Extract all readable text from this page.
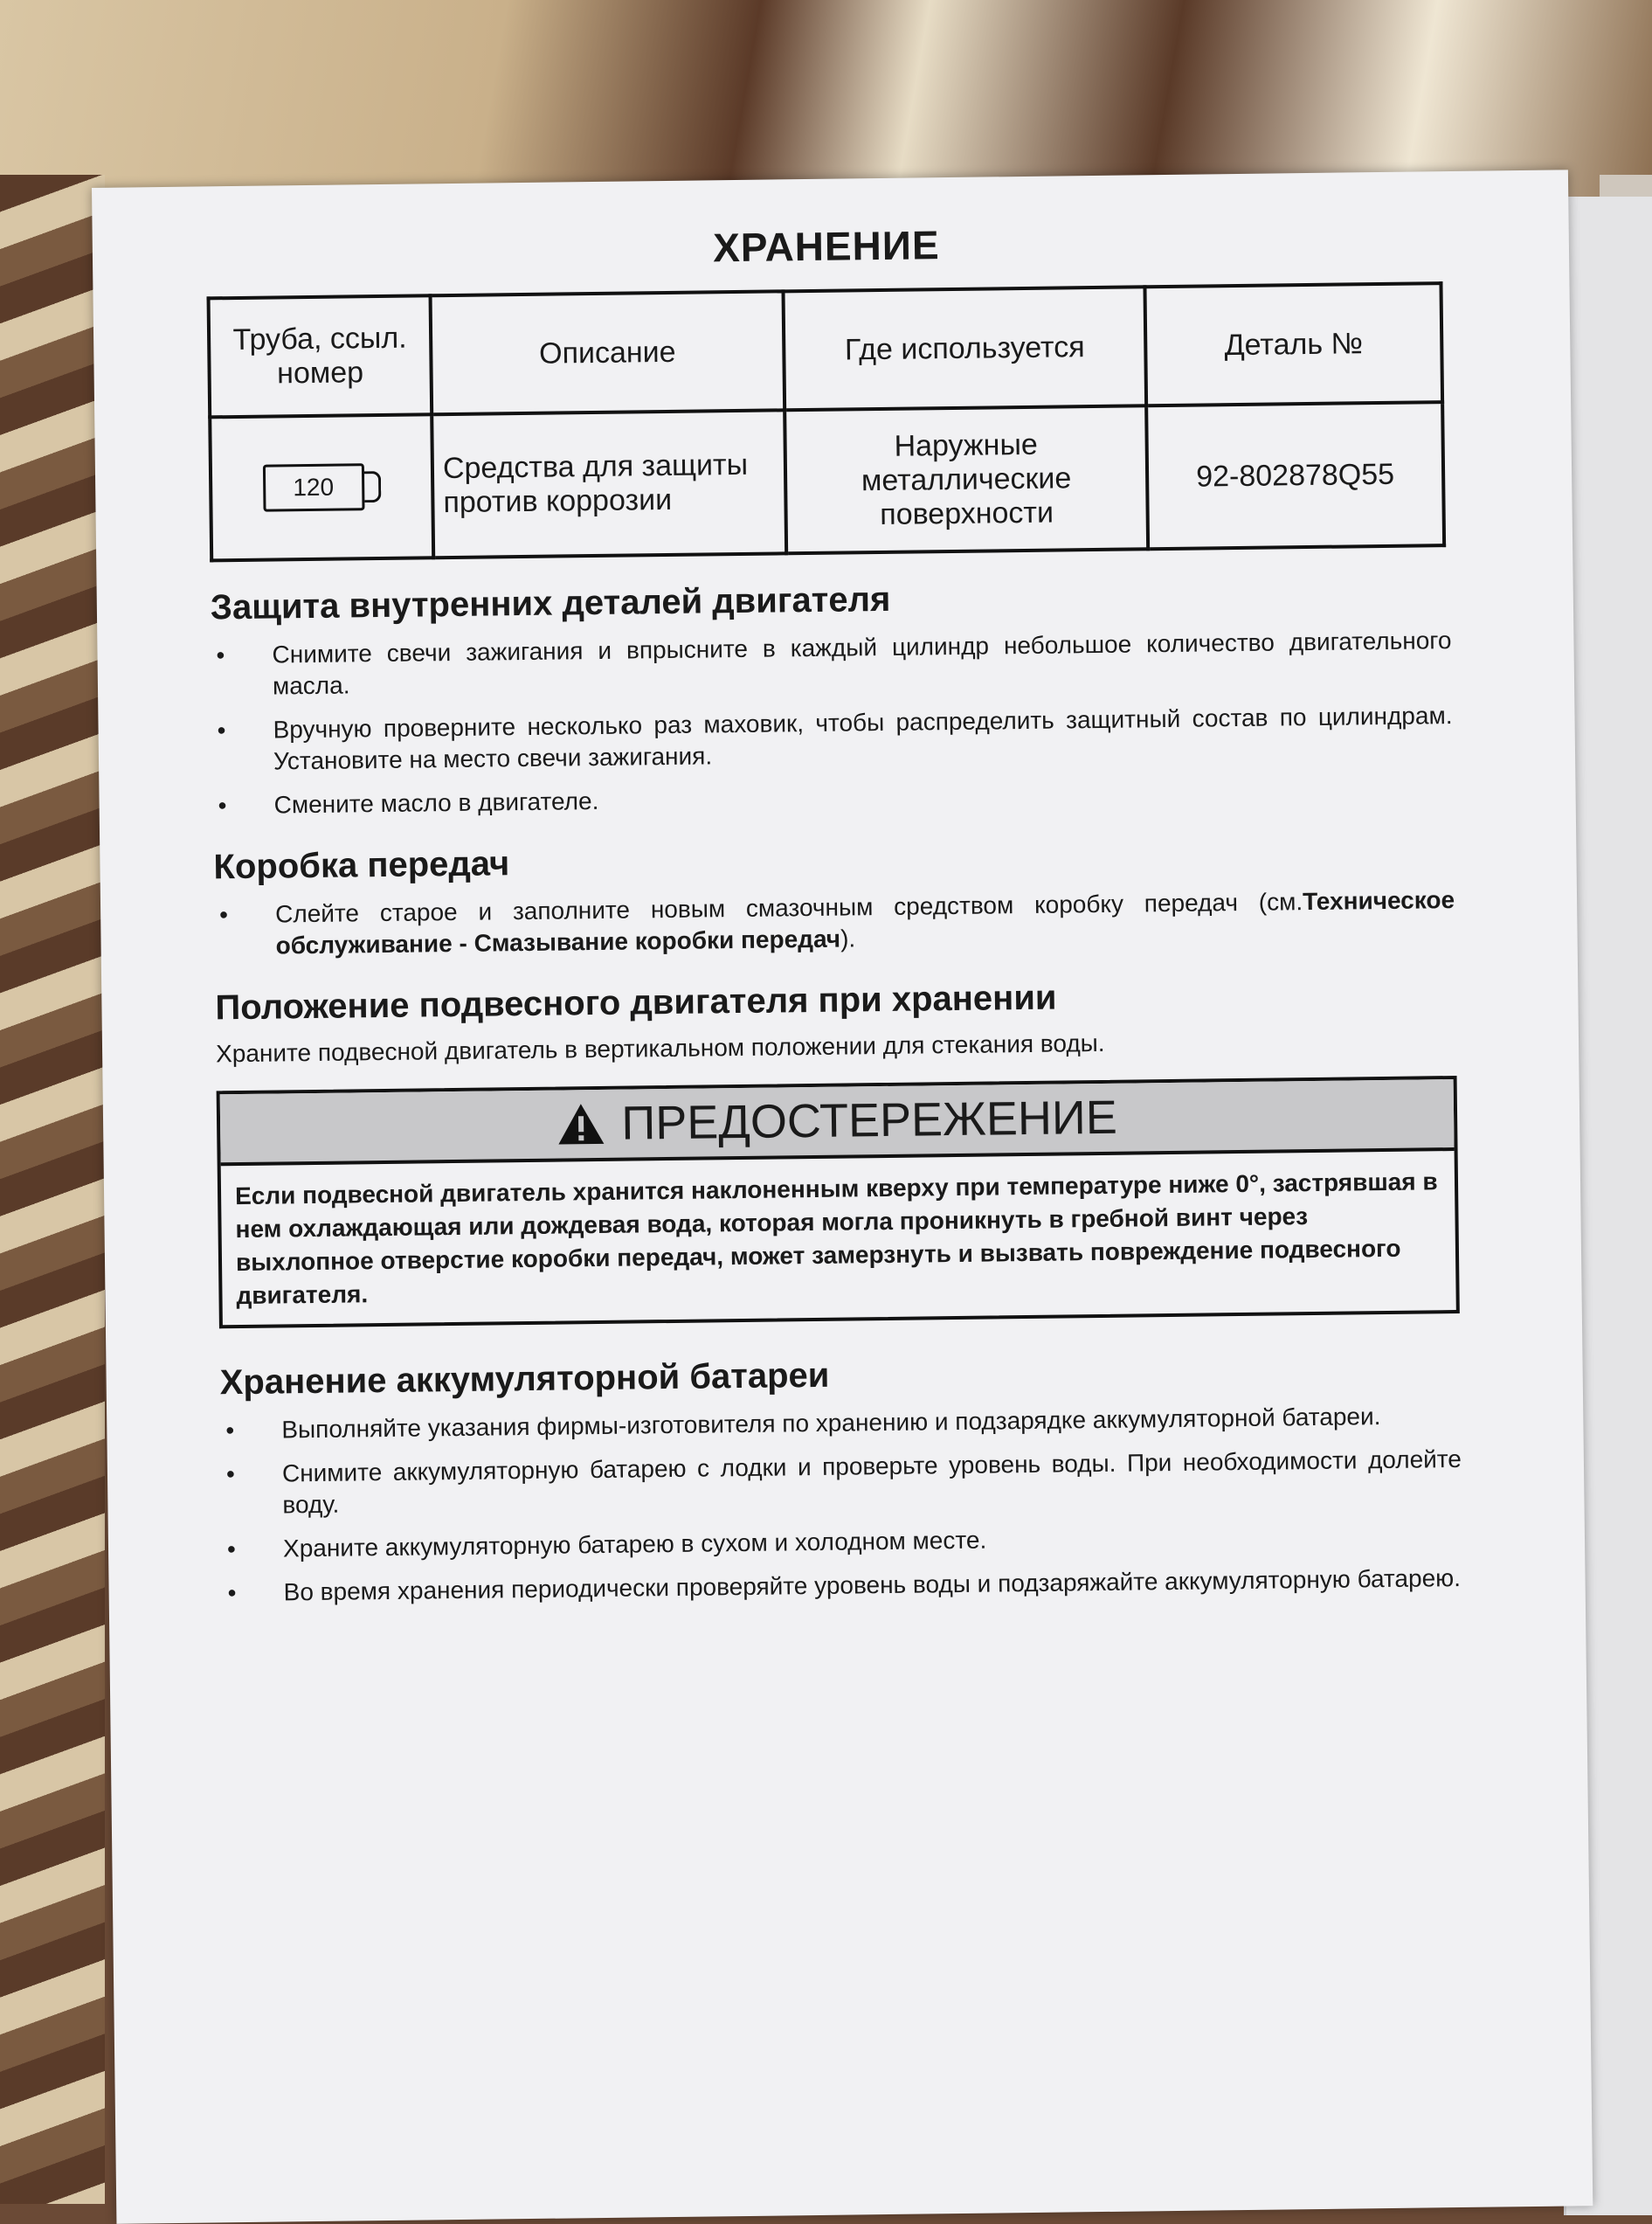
ХРАНЕНИЕ
Труба, ссыл. номер	Описание	Где используется	Деталь №

120	Средства для защиты против коррозии	Наружные металлические поверхности	92-802878Q55
Защита внутренних деталей двигателя
• Снимите свечи зажигания и впрысните в каждый цилиндр небольшое количество двигательного масла.
• Вручную проверните несколько раз маховик, чтобы распределить защитный состав по цилиндрам. Установите на место свечи зажигания.
• Смените масло в двигателе.
Коробка передач
• Слейте старое и заполните новым смазочным средством коробку передач (см.Техническое обслуживание - Смазывание коробки передач).
Положение подвесного двигателя при хранении

Храните подвесной двигатель в вертикальном положении для стекания воды.

ПРЕДОСТЕРЕЖЕНИЕ
Если подвесной двигатель хранится наклоненным кверху при температуре ниже 0°, застрявшая в нем охлаждающая или дождевая вода, которая могла проникнуть в гребной винт через выхлопное отверстие коробки передач, может замерзнуть и вызвать повреждение подвесного двигателя.
Хранение аккумуляторной батареи
• Выполняйте указания фирмы-изготовителя по хранению и подзарядке аккумуляторной батареи.
• Снимите аккумуляторную батарею с лодки и проверьте уровень воды. При необходимости долейте воду.
• Храните аккумуляторную батарею в сухом и холодном месте.
• Во время хранения периодически проверяйте уровень воды и подзаряжайте аккумуляторную батарею.
